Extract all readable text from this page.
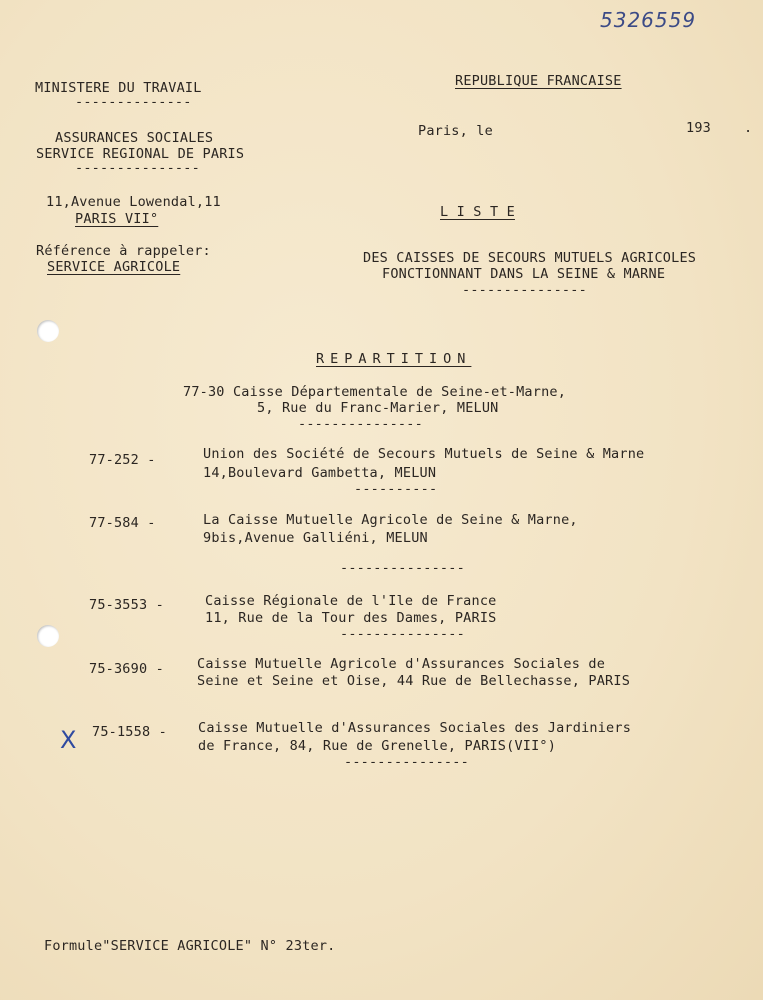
5326559
MINISTERE DU TRAVAIL
--------------
ASSURANCES SOCIALES
SERVICE REGIONAL DE PARIS
---------------
11,Avenue Lowendal,11
PARIS VII°
Référence à rappeler:
SERVICE AGRICOLE
REPUBLIQUE FRANCAISE
Paris, le	193 .
L I S T E
DES CAISSES DE SECOURS MUTUELS AGRICOLES
FONCTIONNANT DANS LA SEINE & MARNE
---------------
REPARTITION
77-30 Caisse Départementale de Seine-et-Marne,
5, Rue du Franc-Marier, MELUN
---------------
77-252 -	Union des Société de Secours Mutuels de Seine & Marne
14,Boulevard Gambetta, MELUN
----------
77-584 -	La Caisse Mutuelle Agricole de Seine & Marne,
9bis,Avenue Galliéni, MELUN
---------------
75-3553 -	Caisse Régionale de l'Ile de France
11, Rue de la Tour des Dames, PARIS
---------------
75-3690 - Caisse Mutuelle Agricole d'Assurances Sociales de
Seine et Seine et Oise, 44 Rue de Bellechasse, PARIS
X 75-1558 - Caisse Mutuelle d'Assurances Sociales des Jardiniers
de France, 84, Rue de Grenelle, PARIS(VII°)
---------------
Formule"SERVICE AGRICOLE" N° 23ter.
